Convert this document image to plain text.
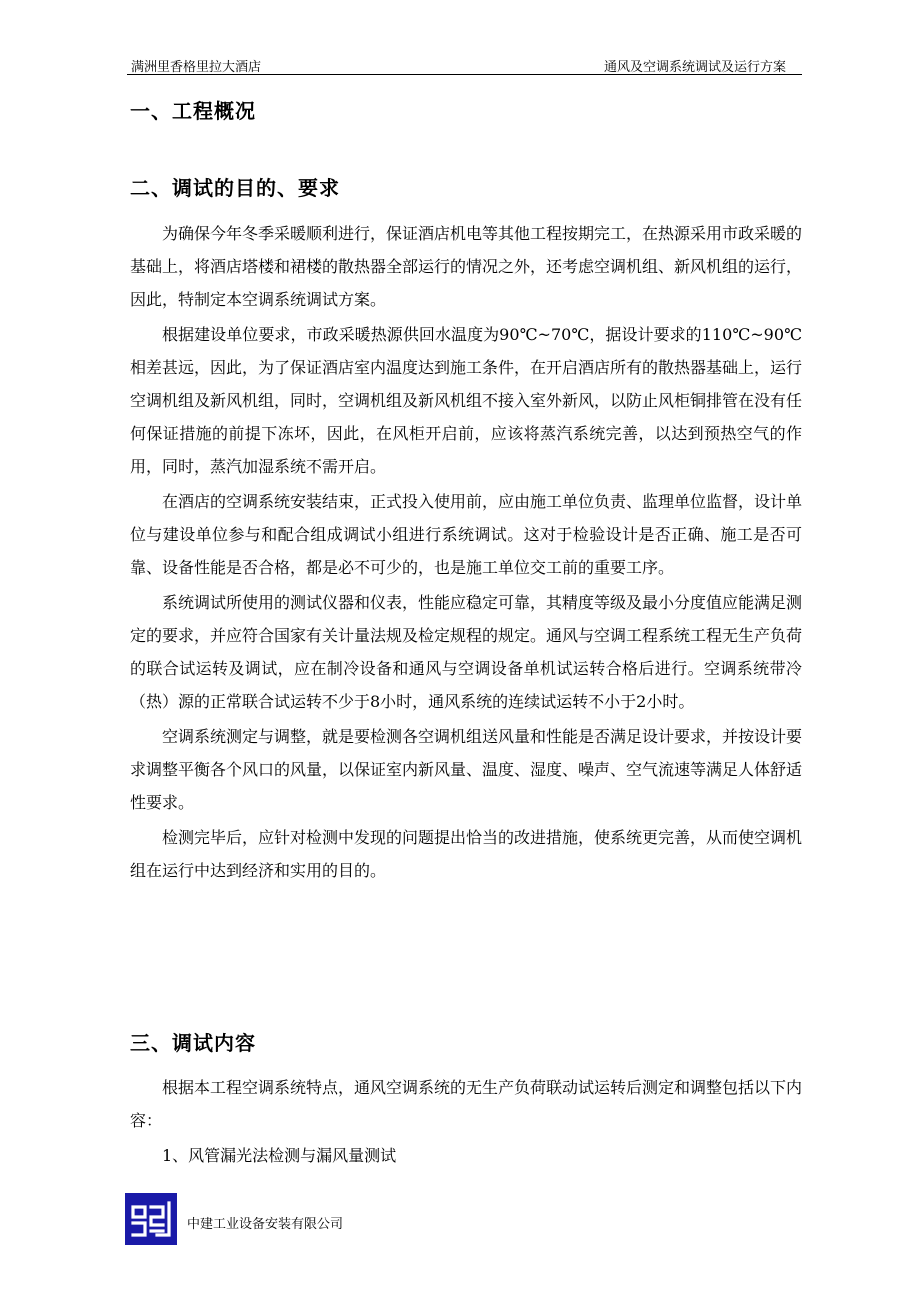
满洲里香格里拉大酒店	通风及空调系统调试及运行方案
一、工程概况
二、调试的目的、要求

为确保今年冬季采暖顺利进行，保证酒店机电等其他工程按期完工，在热源采用市政采暖的基础上，将酒店塔楼和裙楼的散热器全部运行的情况之外，还考虑空调机组、新风机组的运行，因此，特制定本空调系统调试方案。

根据建设单位要求，市政采暖热源供回水温度为90℃~70℃，据设计要求的110℃~90℃相差甚远，因此，为了保证酒店室内温度达到施工条件，在开启酒店所有的散热器基础上，运行空调机组及新风机组，同时，空调机组及新风机组不接入室外新风，以防止风柜铜排管在没有任何保证措施的前提下冻坏，因此，在风柜开启前，应该将蒸汽系统完善，以达到预热空气的作用，同时，蒸汽加湿系统不需开启。

在酒店的空调系统安装结束，正式投入使用前，应由施工单位负责、监理单位监督，设计单位与建设单位参与和配合组成调试小组进行系统调试。这对于检验设计是否正确、施工是否可靠、设备性能是否合格，都是必不可少的，也是施工单位交工前的重要工序。

系统调试所使用的测试仪器和仪表，性能应稳定可靠，其精度等级及最小分度值应能满足测定的要求，并应符合国家有关计量法规及检定规程的规定。通风与空调工程系统工程无生产负荷的联合试运转及调试，应在制冷设备和通风与空调设备单机试运转合格后进行。空调系统带冷（热）源的正常联合试运转不少于8小时，通风系统的连续试运转不小于2小时。

空调系统测定与调整，就是要检测各空调机组送风量和性能是否满足设计要求，并按设计要求调整平衡各个风口的风量，以保证室内新风量、温度、湿度、噪声、空气流速等满足人体舒适性要求。

检测完毕后，应针对检测中发现的问题提出恰当的改进措施，使系统更完善，从而使空调机组在运行中达到经济和实用的目的。

三、调试内容

根据本工程空调系统特点，通风空调系统的无生产负荷联动试运转后测定和调整包括以下内容：

1、风管漏光法检测与漏风量测试

中建工业设备安装有限公司
